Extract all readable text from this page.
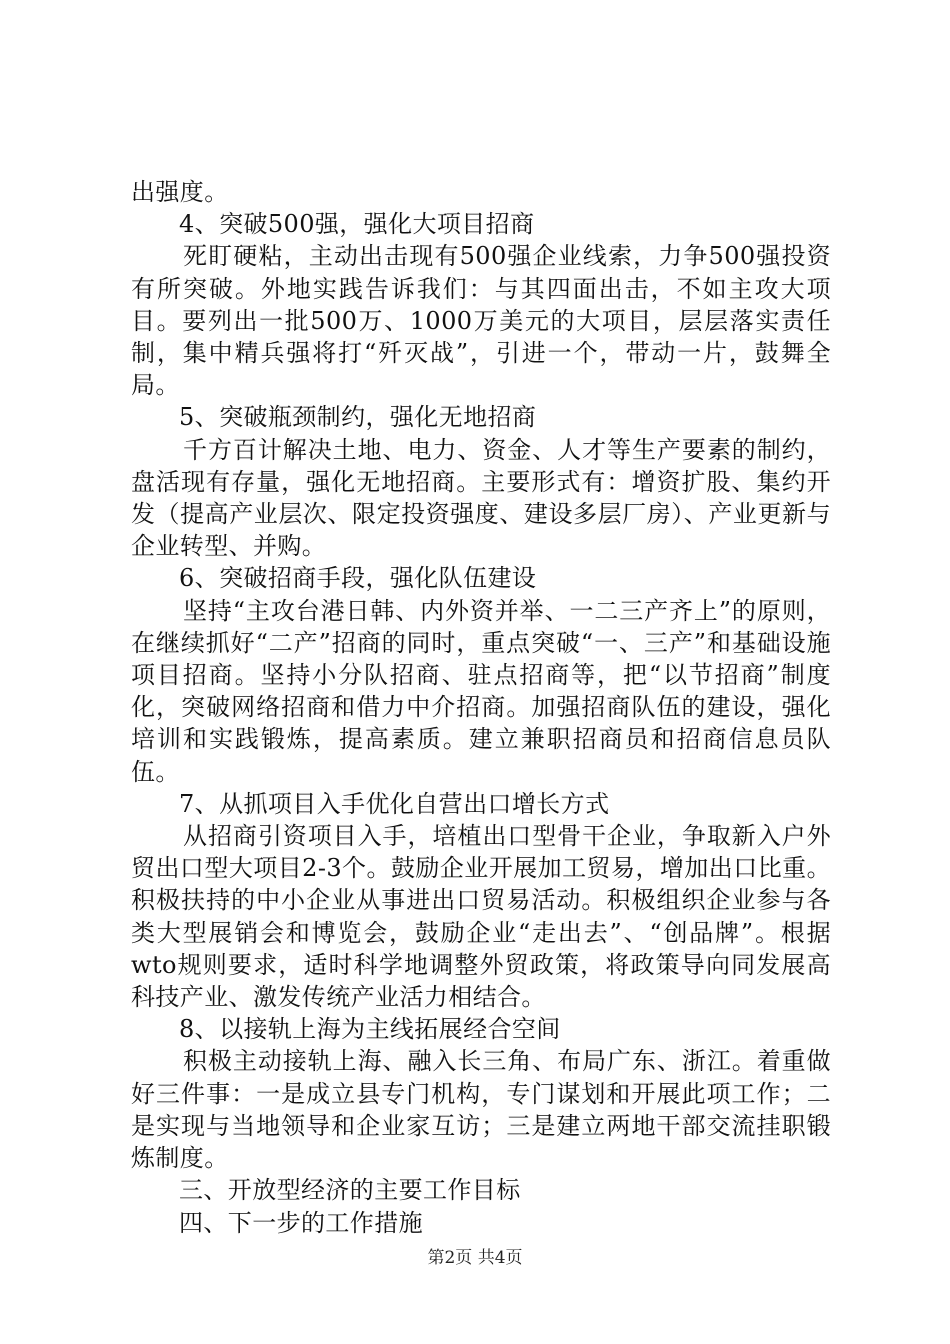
出强度。

4、突破500强，强化大项目招商

死盯硬粘，主动出击现有500强企业线索，力争500强投资有所突破。外地实践告诉我们：与其四面出击，不如主攻大项目。要列出一批500万、1000万美元的大项目，层层落实责任制，集中精兵强将打“歼灭战”，引进一个，带动一片，鼓舞全局。

5、突破瓶颈制约，强化无地招商

千方百计解决土地、电力、资金、人才等生产要素的制约，盘活现有存量，强化无地招商。主要形式有：增资扩股、集约开发（提高产业层次、限定投资强度、建设多层厂房）、产业更新与企业转型、并购。

6、突破招商手段，强化队伍建设

坚持“主攻台港日韩、内外资并举、一二三产齐上”的原则，在继续抓好“二产”招商的同时，重点突破“一、三产”和基础设施项目招商。坚持小分队招商、驻点招商等，把“以节招商”制度化，突破网络招商和借力中介招商。加强招商队伍的建设，强化培训和实践锻炼，提高素质。建立兼职招商员和招商信息员队伍。

7、从抓项目入手优化自营出口增长方式

从招商引资项目入手，培植出口型骨干企业，争取新入户外贸出口型大项目2-3个。鼓励企业开展加工贸易，增加出口比重。积极扶持的中小企业从事进出口贸易活动。积极组织企业参与各类大型展销会和博览会，鼓励企业“走出去”、“创品牌”。根据wto规则要求，适时科学地调整外贸政策，将政策导向同发展高科技产业、激发传统产业活力相结合。

8、以接轨上海为主线拓展经合空间

积极主动接轨上海、融入长三角、布局广东、浙江。着重做好三件事：一是成立县专门机构，专门谋划和开展此项工作；二是实现与当地领导和企业家互访；三是建立两地干部交流挂职锻炼制度。

三、开放型经济的主要工作目标

四、下一步的工作措施

第2页 共4页
